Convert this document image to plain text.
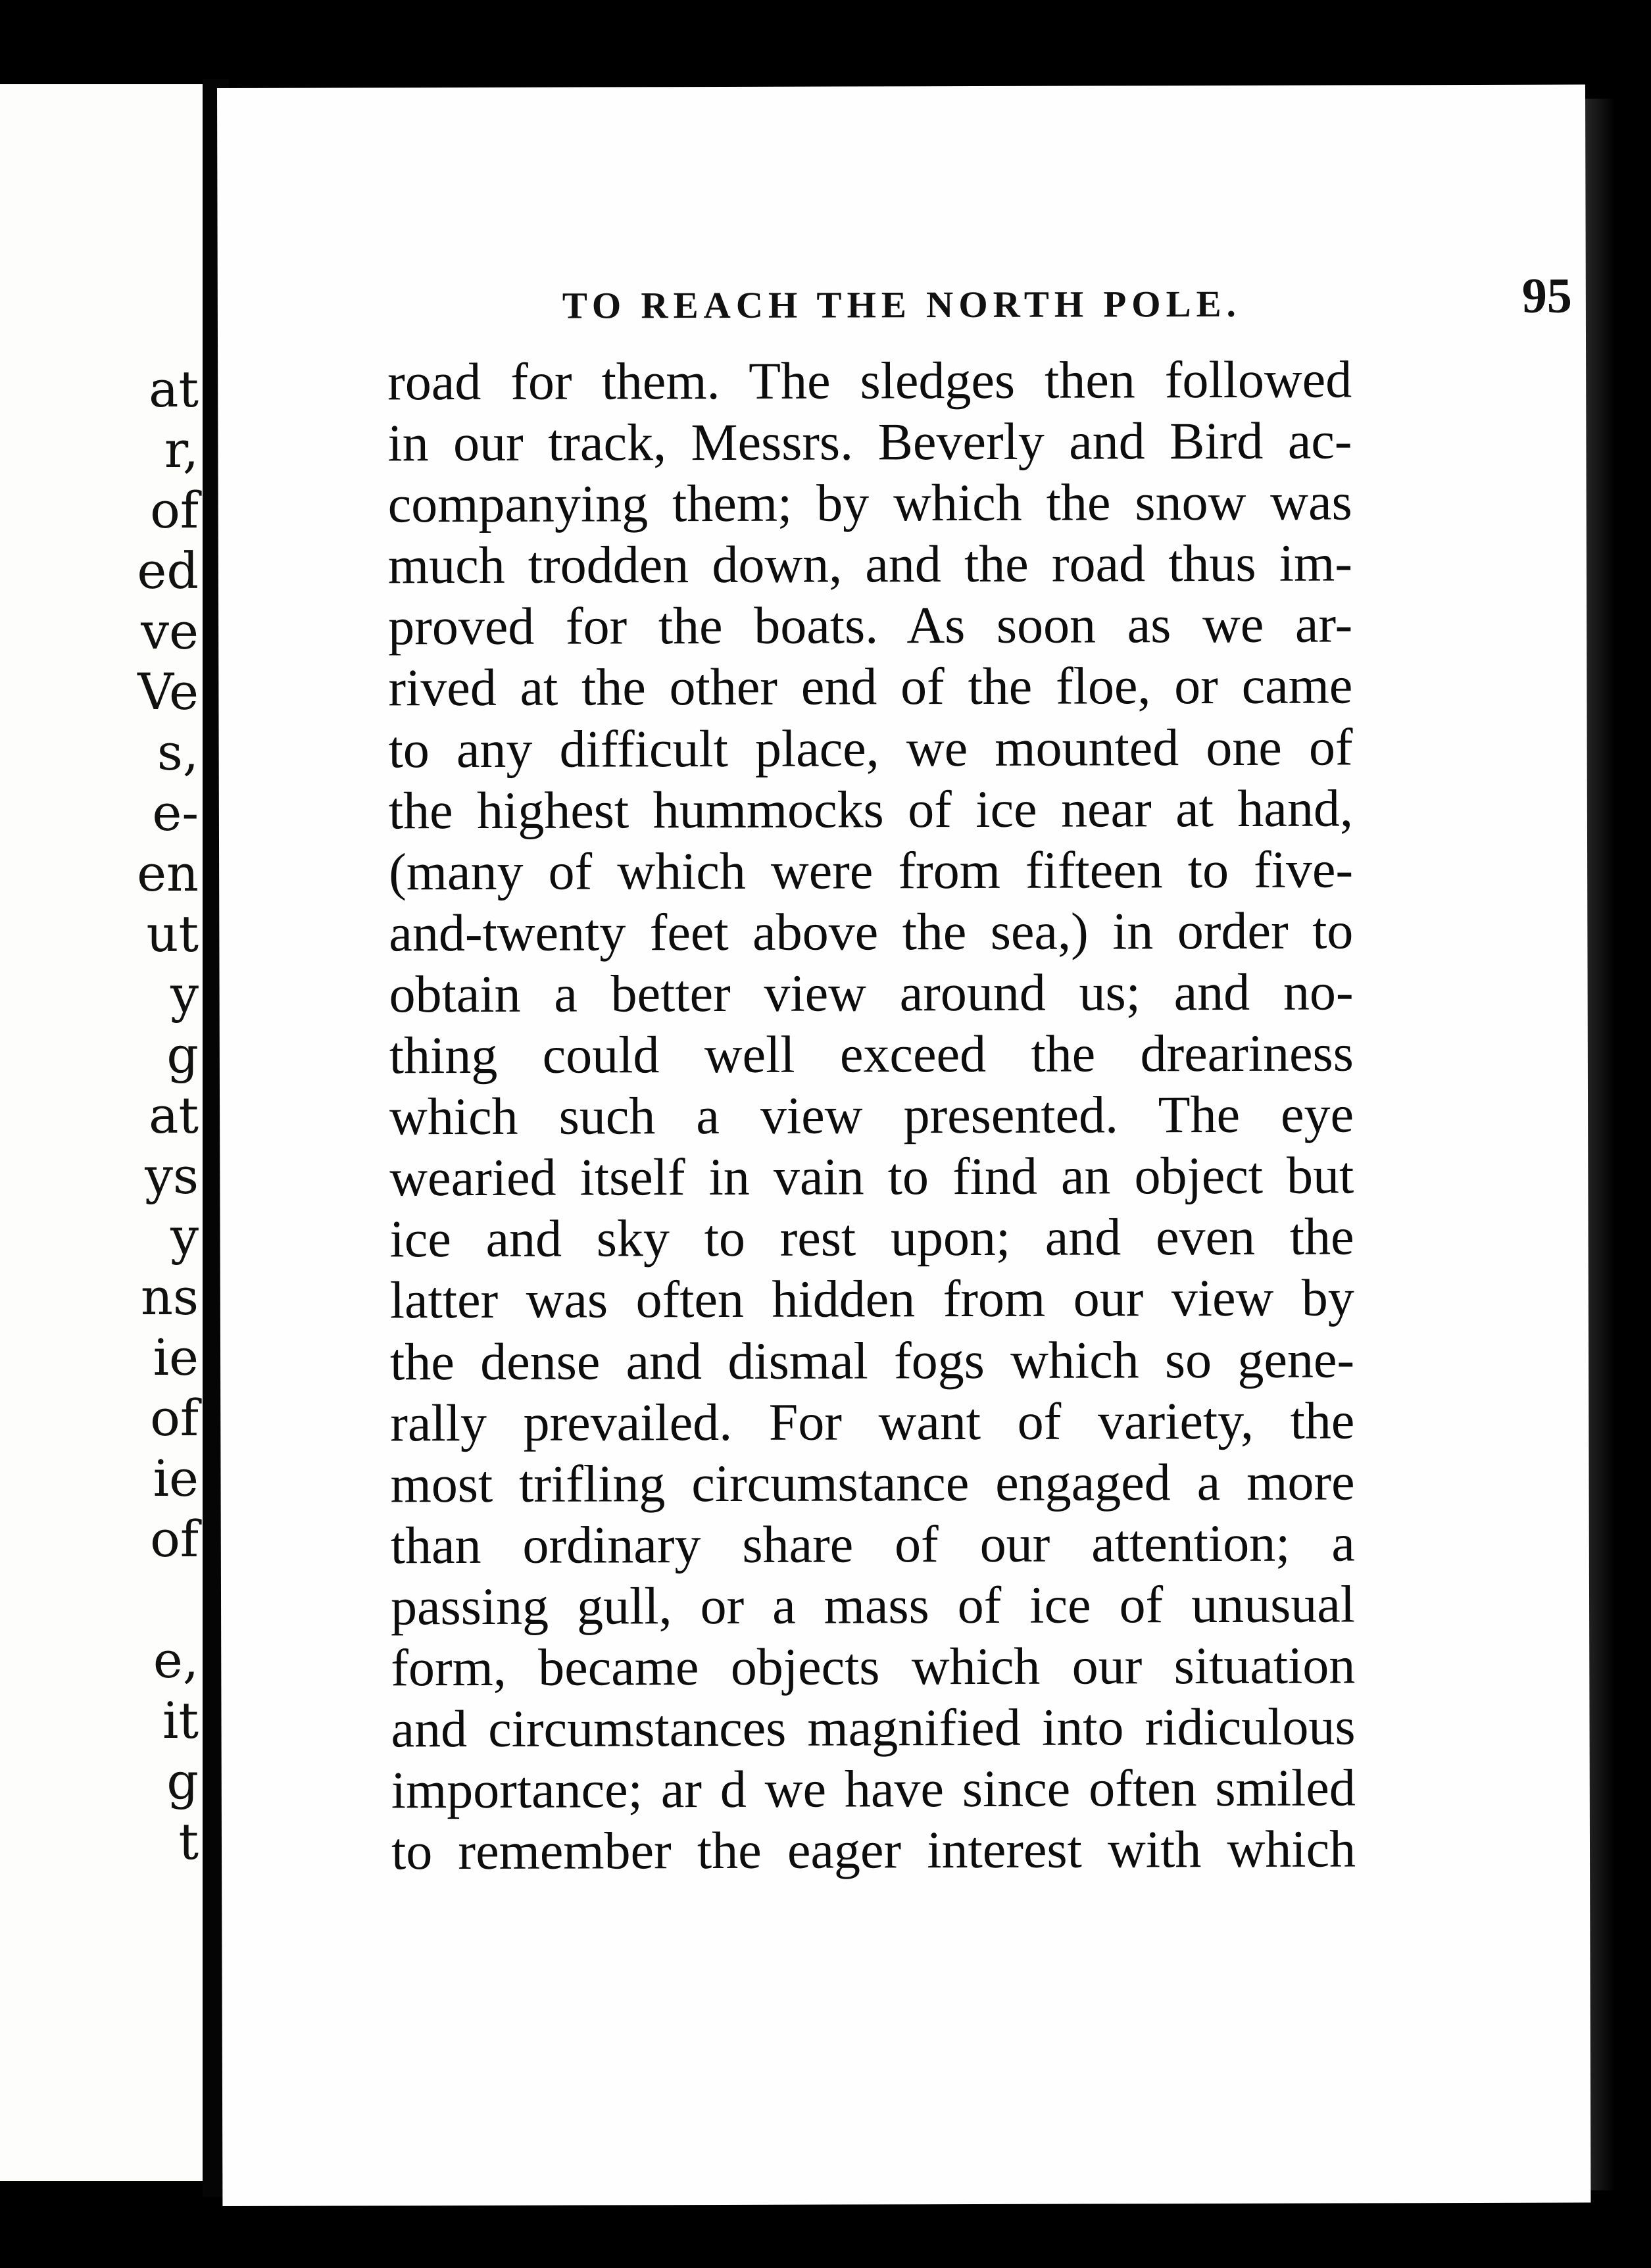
at
r,
of
ed
ve
Ve
s,
e-
en
ut
y
g
at
ys
y
ns
ie
of
ie
of
e,
it
g
t
TO REACH THE NORTH POLE.	95
road for them. The sledges then followed
in our track, Messrs. Beverly and Bird ac-
companying them; by which the snow was
much trodden down, and the road thus im-
proved for the boats. As soon as we ar-
rived at the other end of the floe, or came
to any difficult place, we mounted one of
the highest hummocks of ice near at hand,
(many of which were from fifteen to five-
and-twenty feet above the sea,) in order to
obtain a better view around us; and no-
thing could well exceed the dreariness
which such a view presented. The eye
wearied itself in vain to find an object but
ice and sky to rest upon; and even the
latter was often hidden from our view by
the dense and dismal fogs which so gene-
rally prevailed. For want of variety, the
most trifling circumstance engaged a more
than ordinary share of our attention; a
passing gull, or a mass of ice of unusual
form, became objects which our situation
and circumstances magnified into ridiculous
importance; ar d we have since often smiled
to remember the eager interest with which
